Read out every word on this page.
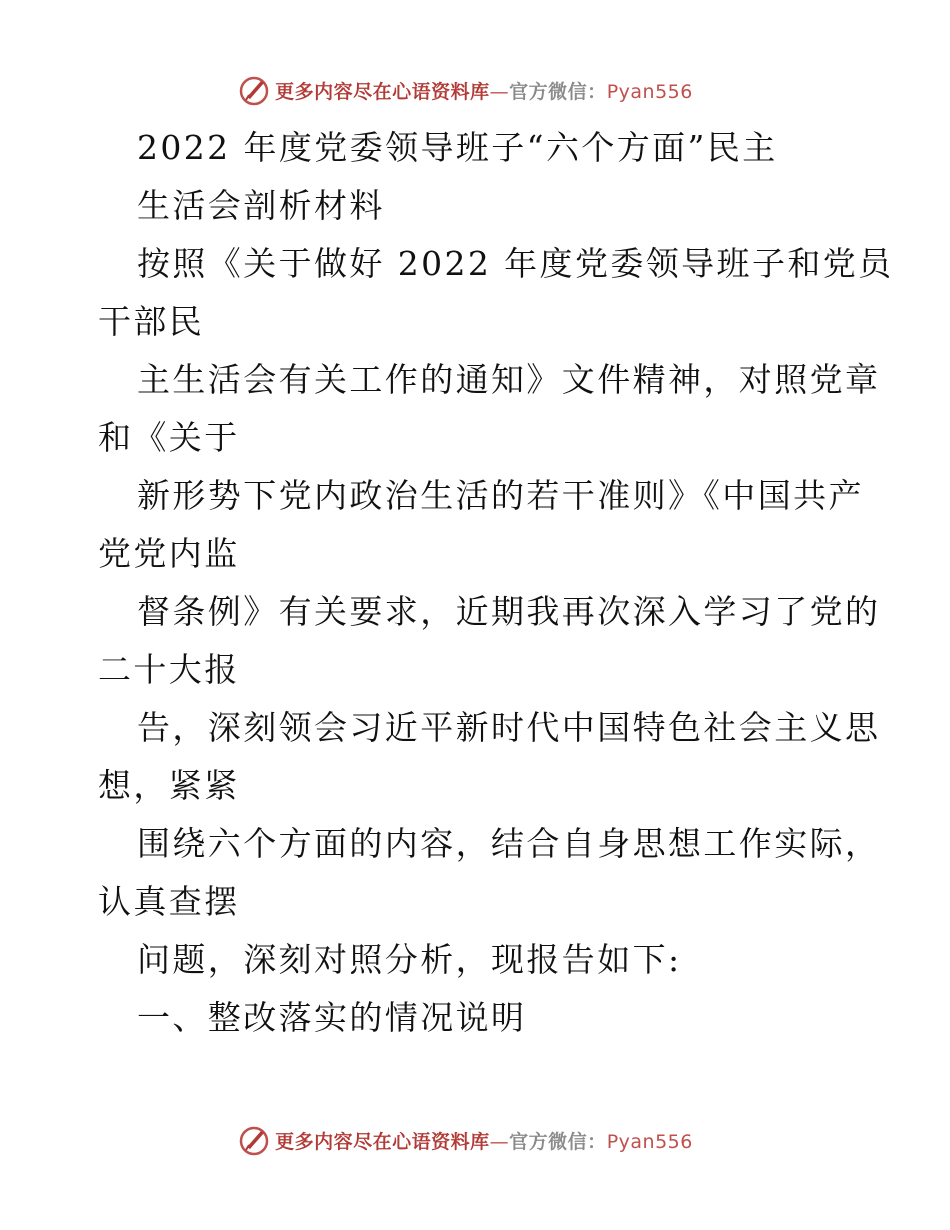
更多内容尽在心语资料库—官方微信：Pyan556
2022 年度党委领导班子“六个方面”民主
生活会剖析材料
按照《关于做好 2022 年度党委领导班子和党员
干部民
主生活会有关工作的通知》文件精神，对照党章
和《关于
新形势下党内政治生活的若干准则》《中国共产
党党内监
督条例》有关要求，近期我再次深入学习了党的
二十大报
告，深刻领会习近平新时代中国特色社会主义思
想，紧紧
围绕六个方面的内容，结合自身思想工作实际，
认真查摆
问题，深刻对照分析，现报告如下:
一、整改落实的情况说明
更多内容尽在心语资料库—官方微信：Pyan556
